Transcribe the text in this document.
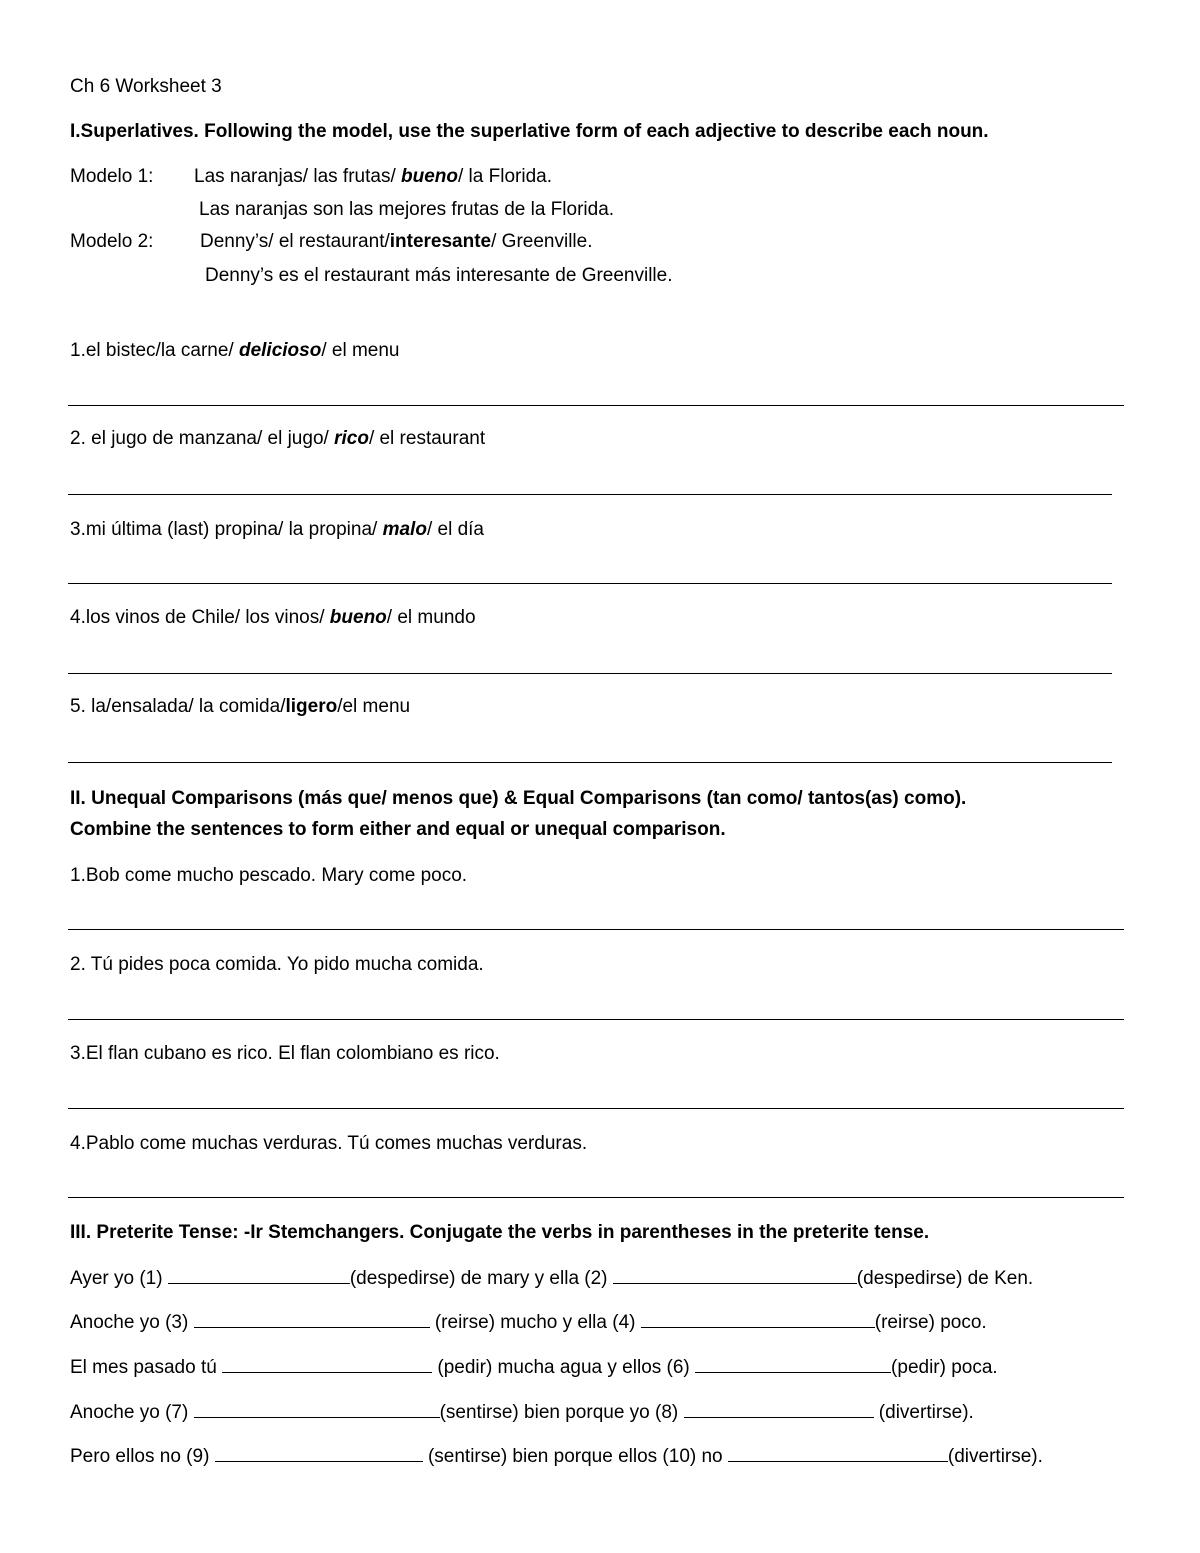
Ch 6 Worksheet 3
I.Superlatives. Following the model, use the superlative form of each adjective to describe each noun.
Modelo 1: Las naranjas/ las frutas/ bueno/ la Florida.
Las naranjas son las mejores frutas de la Florida.
Modelo 2: Denny’s/ el restaurant/interesante/ Greenville.
Denny’s es el restaurant más interesante de Greenville.
1.el bistec/la carne/ delicioso/ el menu
2. el jugo de manzana/ el jugo/ rico/ el restaurant
3.mi última (last) propina/ la propina/ malo/ el día
4.los vinos de Chile/ los vinos/ bueno/ el mundo
5. la/ensalada/ la comida/ligero/el menu
II. Unequal Comparisons (más que/ menos que) & Equal Comparisons (tan como/ tantos(as) como).
Combine the sentences to form either and equal or unequal comparison.
1.Bob come mucho pescado. Mary come poco.
2. Tú pides poca comida. Yo pido mucha comida.
3.El flan cubano es rico. El flan colombiano es rico.
4.Pablo come muchas verduras. Tú comes muchas verduras.
III. Preterite Tense: -Ir Stemchangers. Conjugate the verbs in parentheses in the preterite tense.
Ayer yo (1)	(despedirse) de mary y ella (2)	(despedirse) de Ken.
Anoche yo (3)	(reirse) mucho y ella (4)	(reirse) poco.
El mes pasado tú	(pedir) mucha agua y ellos (6)	(pedir) poca.
Anoche yo (7)	(sentirse) bien porque yo (8)	(divertirse).
Pero ellos no (9)	(sentirse) bien porque ellos (10) no	(divertirse).
